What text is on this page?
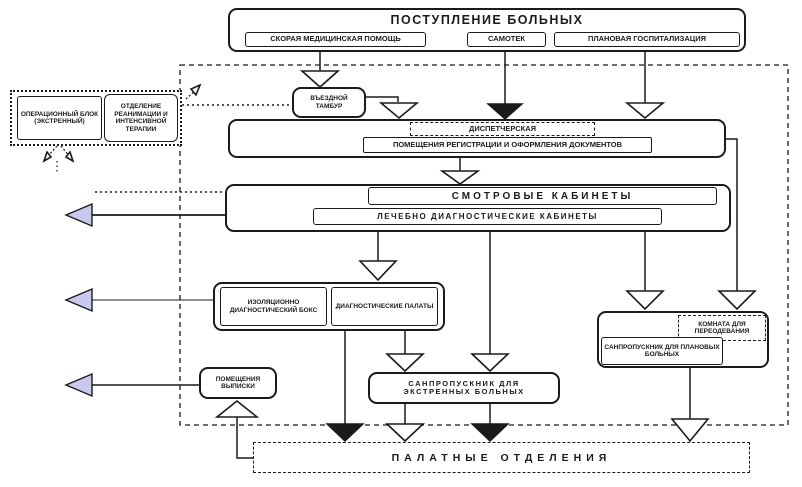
ПОСТУПЛЕНИЕ БОЛЬНЫХ
СКОРАЯ МЕДИЦИНСКАЯ ПОМОЩЬ	САМОТЕК	ПЛАНОВАЯ ГОСПИТАЛИЗАЦИЯ
ОПЕРАЦИОННЫЙ БЛОК (ЭКСТРЕННЫЙ)
ОТДЕЛЕНИЕ РЕАНИМАЦИИ И ИНТЕНСИВНОЙ ТЕРАПИИ
ВЪЕЗДНОЙ ТАМБУР
ДИСПЕТЧЕРСКАЯ
ПОМЕЩЕНИЯ РЕГИСТРАЦИИ И ОФОРМЛЕНИЯ ДОКУМЕНТОВ
СМОТРОВЫЕ КАБИНЕТЫ
ЛЕЧЕБНО ДИАГНОСТИЧЕСКИЕ КАБИНЕТЫ
ИЗОЛЯЦИОННО ДИАГНОСТИЧЕСКИЙ БОКС
ДИАГНОСТИЧЕСКИЕ ПАЛАТЫ
САНПРОПУСКНИК ДЛЯ ЭКСТРЕННЫХ БОЛЬНЫХ
КОМНАТА ДЛЯ ПЕРЕОДЕВАНИЯ
САНПРОПУСКНИК ДЛЯ ПЛАНОВЫХ БОЛЬНЫХ
ПОМЕЩЕНИЯ ВЫПИСКИ
ПАЛАТНЫЕ ОТДЕЛЕНИЯ
